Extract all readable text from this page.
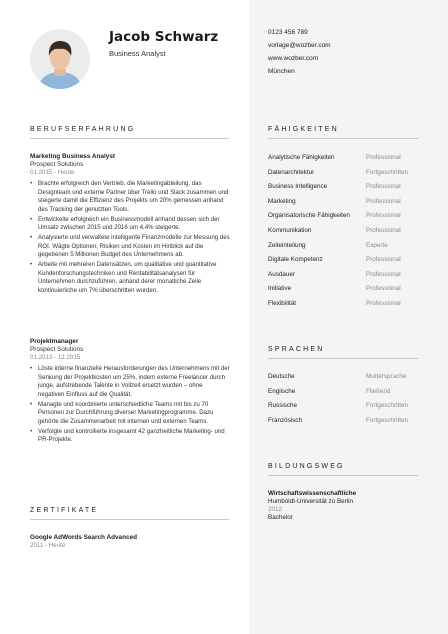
Jacob Schwarz
Business Analyst
BERUFSERFAHRUNG
Marketing Business Analyst
Prospect Solutions
01.2015 - Heute
• Brachte erfolgreich den Vertrieb, die Marketingabteilung, das Designteam und externe Partner über Trello und Slack zusammen und steigerte damit die Effizienz des Projekts um 20% gemessen anhand des Tracking der genutzten Tools.
• Entwickelte erfolgreich ein Businessmodell anhand dessen sich der Umsatz zwischen 2015 und 2016 um 4,4% steigerte.
• Analysierte und verwaltete intelligente Finanzmodelle zur Messung des ROI. Wägte Optionen, Risiken und Kosten im Hinblick auf die gegebenen 5 Millionen Budget des Unternehmens ab.
• Arbeite mit mehreren Datensätzen, um qualitative und quantitative Kundenforschungstechniken und Rentabilitätsanalysen für Unternehmen durchzuführen, anhand derer monatliche Zeile kontinuierliche um 7% überschritten wurden.
Projektmanager
Prospect Solutions
01.2013 - 12.2015
• Löste interne finanzielle Herausforderungen des Unternehmens mit der Senkung der Projektkosten um 25%, indem externe Freelancer durch junge, aufstrebende Talente in Vollzeit ersetzt wurden – ohne negativen Einfluss auf die Qualität.
• Managte und koordinierte unterschiedliche Teams mit bis zu 70 Personen zur Durchführung diverser Marketingprogramme. Dazu gehörte die Zusammenarbeit mit internen und externen Teams.
• Verfolgte und kontrollierte insgesamt 42 ganzheitliche Marketing- und PR-Projekte.
ZERTIFIKATE
Google AdWords Search Advanced
2011 - Heute
0123 456 789
vorlage@wozber.com
www.wozber.com
München
FÄHIGKEITEN
Analytische Fähigkeiten	Professional
Datenarchitektur	Fortgeschritten
Business Intelligence	Professional
Marketing	Professional
Organisatorische Fähigkeiten	Professional
Kommunikation	Professional
Zeiteinteilung	Experte
Digitale Kompetenz	Professional
Ausdauer	Professional
Initiative	Professional
Flexibilität	Professional
SPRACHEN
Deutsche	Muttersprache
Englische	Fließend
Russische	Fortgeschritten
Französisch	Fortgeschritten
BILDUNGSWEG
Wirtschaftswissenschaftliche
Humboldt-Universität zu Berlin
2012
Bachelor
